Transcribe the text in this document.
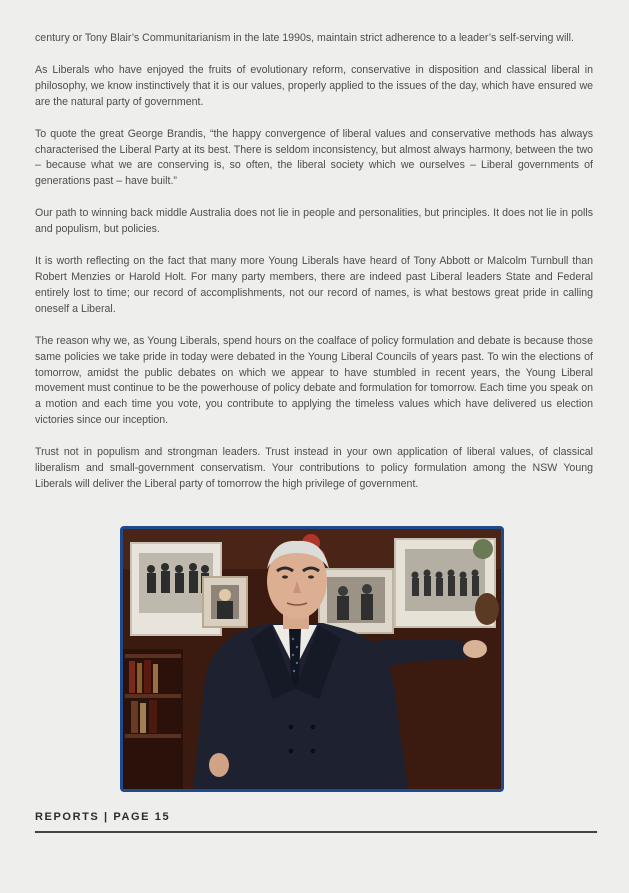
century or Tony Blair’s Communitarianism in the late 1990s, maintain strict adherence to a leader’s self-serving will.

As Liberals who have enjoyed the fruits of evolutionary reform, conservative in disposition and classical liberal in philosophy, we know instinctively that it is our values, properly applied to the issues of the day, which have ensured we are the natural party of government.

To quote the great George Brandis, “the happy convergence of liberal values and conservative methods has always characterised the Liberal Party at its best. There is seldom inconsistency, but almost always harmony, between the two – because what we are conserving is, so often, the liberal society which we ourselves – Liberal governments of generations past – have built.”

Our path to winning back middle Australia does not lie in people and personalities, but principles. It does not lie in polls and populism, but policies.

It is worth reflecting on the fact that many more Young Liberals have heard of Tony Abbott or Malcolm Turnbull than Robert Menzies or Harold Holt. For many party members, there are indeed past Liberal leaders State and Federal entirely lost to time; our record of accomplishments, not our record of names, is what bestows great pride in calling oneself a Liberal.

The reason why we, as Young Liberals, spend hours on the coalface of policy formulation and debate is because those same policies we take pride in today were debated in the Young Liberal Councils of years past. To win the elections of tomorrow, amidst the public debates on which we appear to have stumbled in recent years, the Young Liberal movement must continue to be the powerhouse of policy debate and formulation for tomorrow. Each time you speak on a motion and each time you vote, you contribute to applying the timeless values which have delivered us election victories since our inception.

Trust not in populism and strongman leaders. Trust instead in your own application of liberal values, of classical liberalism and small-government conservatism. Your contributions to policy formulation among the NSW Young Liberals will deliver the Liberal party of tomorrow the high privilege of government.

REPORTS | PAGE 15
